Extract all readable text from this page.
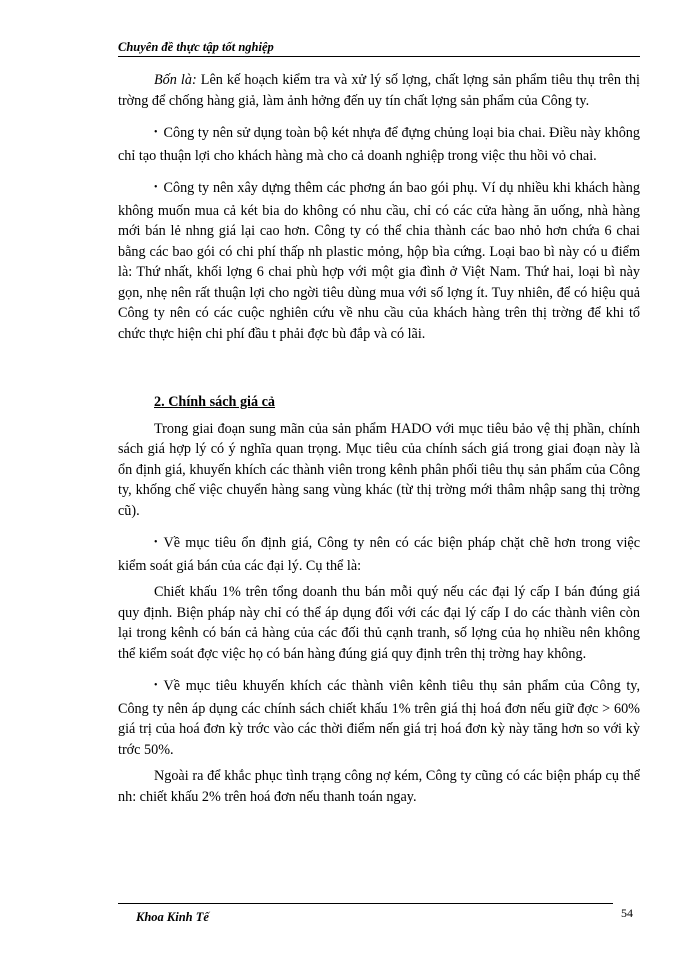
Chuyên đề thực tập tốt nghiệp

Bốn là: Lên kế hoạch kiểm tra và xử lý số lợng, chất lợng sản phẩm tiêu thụ trên thị trờng để chống hàng giả, làm ảnh hởng đến uy tín chất lợng sản phẩm của Công ty.

• Công ty nên sử dụng toàn bộ két nhựa để đựng chủng loại bia chai. Điều này không chỉ tạo thuận lợi cho khách hàng mà cho cả doanh nghiệp trong việc thu hồi vỏ chai.

• Công ty nên xây dựng thêm các phơng án bao gói phụ. Ví dụ nhiều khi khách hàng không muốn mua cả két bia do không có nhu cầu, chỉ có các cửa hàng ăn uống, nhà hàng mới bán lẻ nhng giá lại cao hơn. Công ty có thể chia thành các bao nhỏ hơn chứa 6 chai bằng các bao gói có chi phí thấp nh plastic mỏng, hộp bìa cứng. Loại bao bì này có u điểm là: Thứ nhất, khối lợng 6 chai phù hợp với một gia đình ở Việt Nam. Thứ hai, loại bì này gọn, nhẹ nên rất thuận lợi cho ngời tiêu dùng mua với số lợng ít. Tuy nhiên, để có hiệu quả Công ty nên có các cuộc nghiên cứu về nhu cầu của khách hàng trên thị trờng để khi tổ chức thực hiện chi phí đầu t phải đợc bù đắp và có lãi.

2. Chính sách giá cả

Trong giai đoạn sung mãn của sản phẩm HADO với mục tiêu bảo vệ thị phần, chính sách giá hợp lý có ý nghĩa quan trọng. Mục tiêu của chính sách giá trong giai đoạn này là ổn định giá, khuyến khích các thành viên trong kênh phân phối tiêu thụ sản phẩm của Công ty, khống chế việc chuyển hàng sang vùng khác (từ thị trờng mới thâm nhập sang thị trờng cũ).

• Về mục tiêu ổn định giá, Công ty nên có các biện pháp chặt chẽ hơn trong việc kiểm soát giá bán của các đại lý. Cụ thể là:

Chiết khấu 1% trên tổng doanh thu bán mỗi quý nếu các đại lý cấp I bán đúng giá quy định. Biện pháp này chỉ có thể áp dụng đối với các đại lý cấp I do các thành viên còn lại trong kênh có bán cả hàng của các đối thủ cạnh tranh, số lợng của họ nhiều nên không thể kiểm soát đợc việc họ có bán hàng đúng giá quy định trên thị trờng hay không.

• Về mục tiêu khuyến khích các thành viên kênh tiêu thụ sản phẩm của Công ty, Công ty nên áp dụng các chính sách chiết khấu 1% trên giá thị hoá đơn nếu giữ đợc > 60% giá trị của hoá đơn kỳ trớc vào các thời điểm nến giá trị hoá đơn kỳ này tăng hơn so với kỳ trớc 50%.

Ngoài ra để khắc phục tình trạng công nợ kém, Công ty cũng có các biện pháp cụ thể nh: chiết khấu 2% trên hoá đơn nếu thanh toán ngay.

Khoa Kinh Tế	54
